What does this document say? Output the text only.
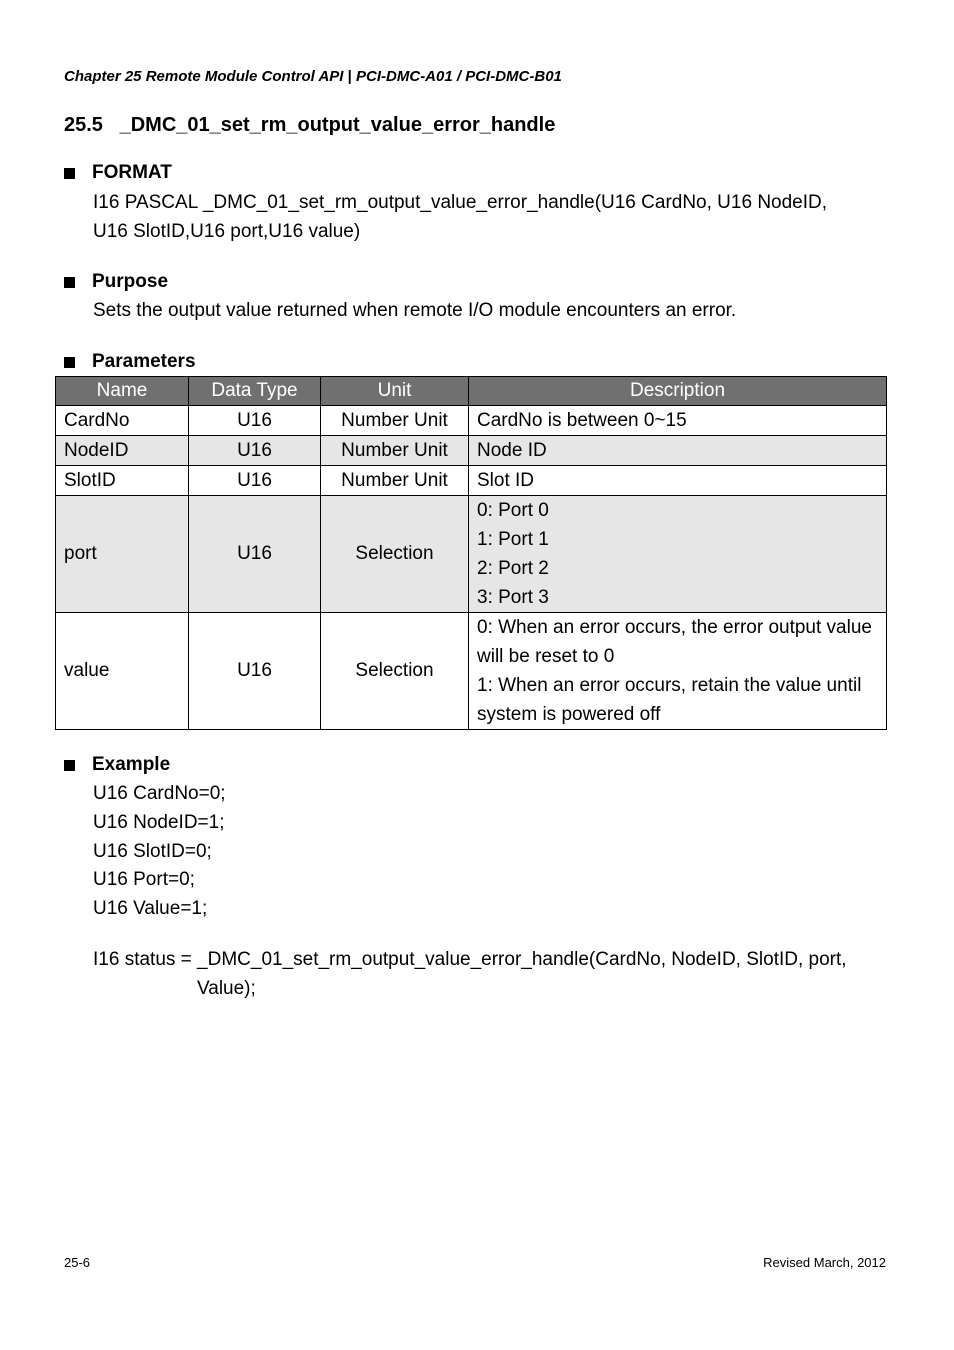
Chapter 25 Remote Module Control API | PCI-DMC-A01 / PCI-DMC-B01
25.5 _DMC_01_set_rm_output_value_error_handle
FORMAT
I16 PASCAL _DMC_01_set_rm_output_value_error_handle(U16 CardNo, U16 NodeID,
U16 SlotID,U16 port,U16 value)
Purpose
Sets the output value returned when remote I/O module encounters an error.
Parameters
Name	Data Type	Unit	Description
CardNo	U16	Number Unit	CardNo is between 0~15

NodeID	U16	Number Unit	Node ID

SlotID	U16	Number Unit	Slot ID

port	U16	Selection	0: Port 0
1: Port 1
2: Port 2
3: Port 3

value	U16	Selection	0: When an error occurs, the error output value
will be reset to 0
1: When an error occurs, retain the value until
system is powered off
Example
U16 CardNo=0;
U16 NodeID=1;
U16 SlotID=0;
U16 Port=0;
U16 Value=1;
I16 status = _DMC_01_set_rm_output_value_error_handle(CardNo, NodeID, SlotID, port,
Value);
25-6	Revised March, 2012
